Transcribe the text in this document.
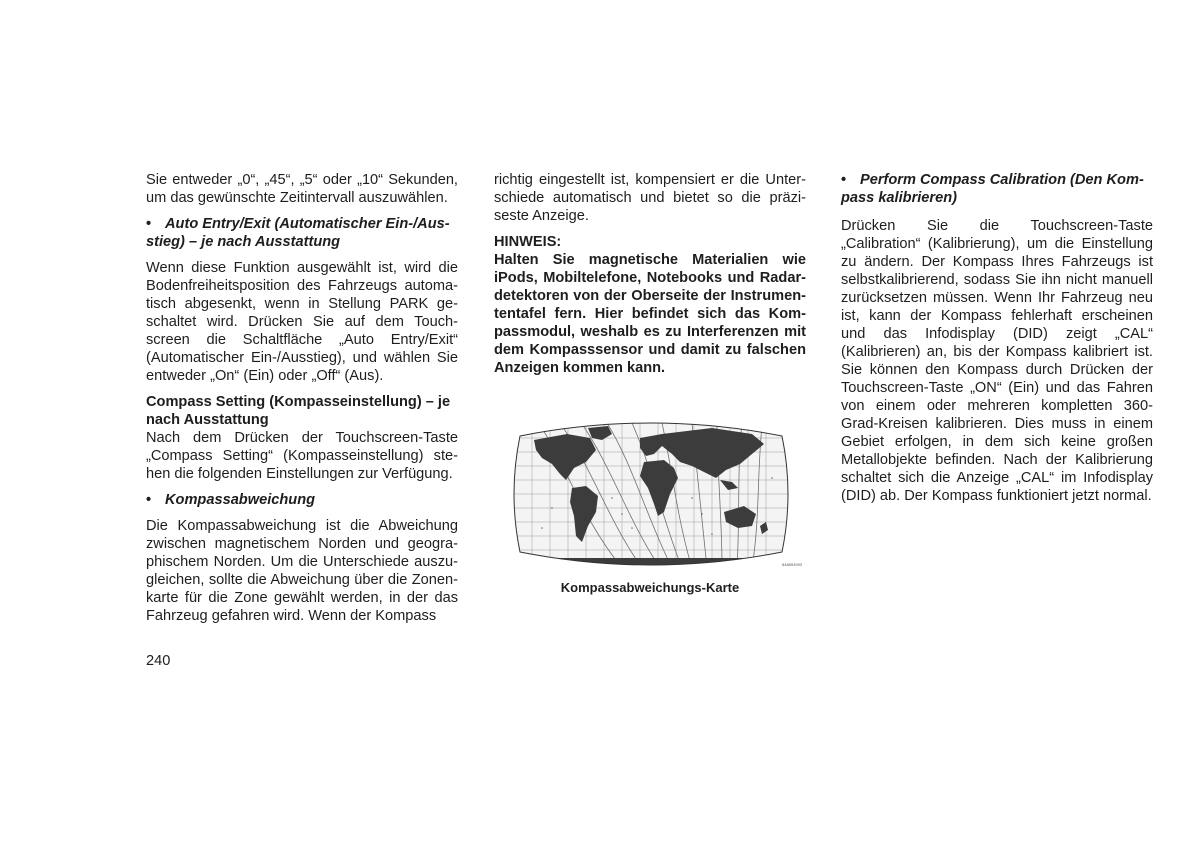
Sie entweder „0“, „45“, „5“ oder „10“ Sekunden, um das gewünschte Zeitintervall auszuwählen.

• Auto Entry/Exit (Automatischer Ein-/Ausstieg) – je nach Ausstattung

Wenn diese Funktion ausgewählt ist, wird die Bodenfreiheitsposition des Fahrzeugs automatisch abgesenkt, wenn in Stellung PARK geschaltet wird. Drücken Sie auf dem Touchscreen die Schaltfläche „Auto Entry/Exit“ (Automatischer Ein-/Ausstieg), und wählen Sie entweder „On“ (Ein) oder „Off“ (Aus).

Compass Setting (Kompasseinstellung) – je nach Ausstattung

Nach dem Drücken der Touchscreen-Taste „Compass Setting“ (Kompasseinstellung) stehen die folgenden Einstellungen zur Verfügung.

• Kompassabweichung

Die Kompassabweichung ist die Abweichung zwischen magnetischem Norden und geographischem Norden. Um die Unterschiede auszugleichen, sollte die Abweichung über die Zonenkarte für die Zone gewählt werden, in der das Fahrzeug gefahren wird. Wenn der Kompass

richtig eingestellt ist, kompensiert er die Unterschiede automatisch und bietet so die präziseste Anzeige.

HINWEIS:

Halten Sie magnetische Materialien wie iPods, Mobiltelefone, Notebooks und Radardetektoren von der Oberseite der Instrumententafel fern. Hier befindet sich das Kompassmodul, weshalb es zu Interferenzen mit dem Kompasssensor und damit zu falschen Anzeigen kommen kann.

848893993
Kompassabweichungs-Karte

• Perform Compass Calibration (Den Kompass kalibrieren)

Drücken Sie die Touchscreen-Taste „Calibration“ (Kalibrierung), um die Einstellung zu ändern. Der Kompass Ihres Fahrzeugs ist selbstkalibrierend, sodass Sie ihn nicht manuell zurücksetzen müssen. Wenn Ihr Fahrzeug neu ist, kann der Kompass fehlerhaft erscheinen und das Infodisplay (DID) zeigt „CAL“ (Kalibrieren) an, bis der Kompass kalibriert ist. Sie können den Kompass durch Drücken der Touchscreen-Taste „ON“ (Ein) und das Fahren von einem oder mehreren kompletten 360-Grad-Kreisen kalibrieren. Dies muss in einem Gebiet erfolgen, in dem sich keine großen Metallobjekte befinden. Nach der Kalibrierung schaltet sich die Anzeige „CAL“ im Infodisplay (DID) ab. Der Kompass funktioniert jetzt normal.

240
